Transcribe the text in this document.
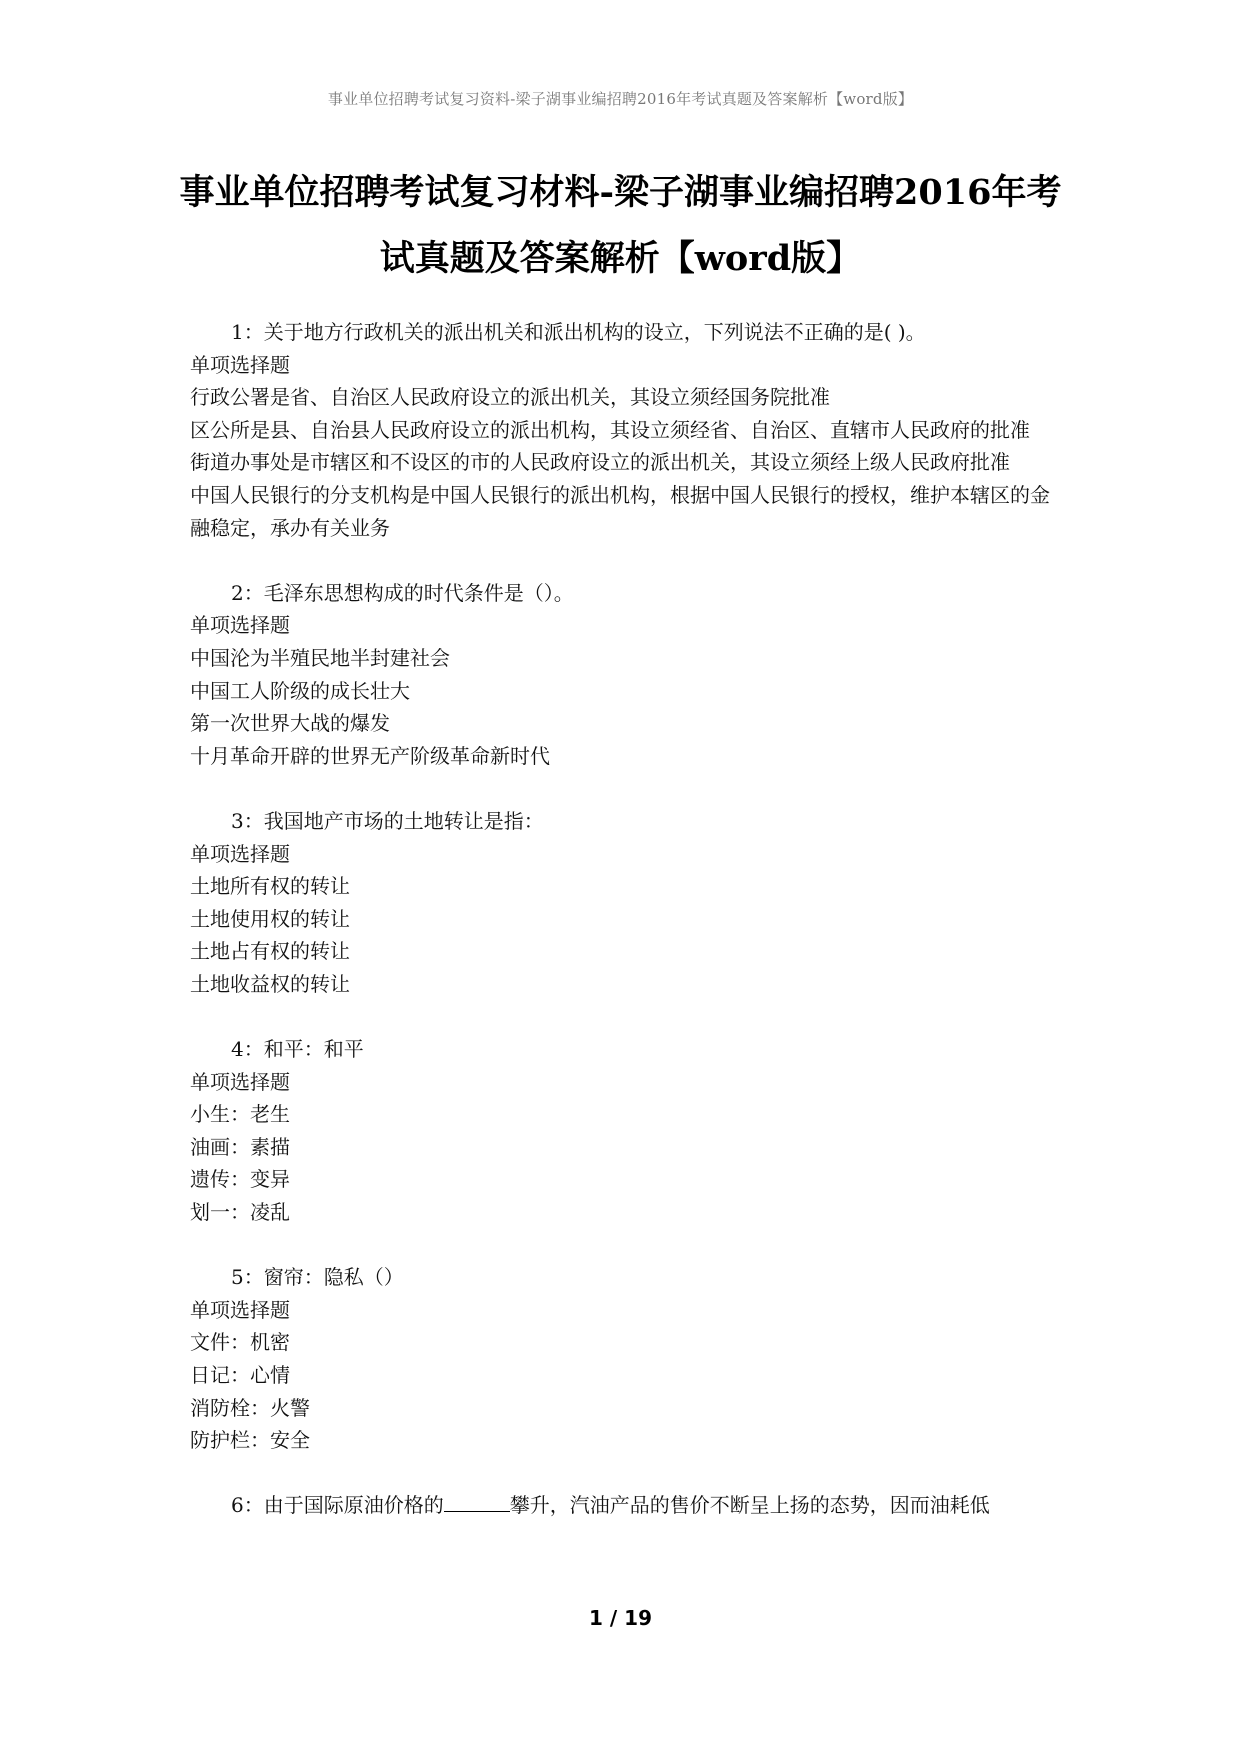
事业单位招聘考试复习资料-梁子湖事业编招聘2016年考试真题及答案解析【word版】
事业单位招聘考试复习材料-梁子湖事业编招聘2016年考
试真题及答案解析【word版】
1：关于地方行政机关的派出机关和派出机构的设立，下列说法不正确的是( )。
单项选择题
行政公署是省、自治区人民政府设立的派出机关，其设立须经国务院批准
区公所是县、自治县人民政府设立的派出机构，其设立须经省、自治区、直辖市人民政府的批准
街道办事处是市辖区和不设区的市的人民政府设立的派出机关，其设立须经上级人民政府批准
中国人民银行的分支机构是中国人民银行的派出机构，根据中国人民银行的授权，维护本辖区的金融稳定，承办有关业务
2：毛泽东思想构成的时代条件是（）。
单项选择题
中国沦为半殖民地半封建社会
中国工人阶级的成长壮大
第一次世界大战的爆发
十月革命开辟的世界无产阶级革命新时代
3：我国地产市场的土地转让是指：
单项选择题
土地所有权的转让
土地使用权的转让
土地占有权的转让
土地收益权的转让
4：和平：和平
单项选择题
小生：老生
油画：素描
遗传：变异
划一：凌乱
5：窗帘：隐私（）
单项选择题
文件：机密
日记：心情
消防栓：火警
防护栏：安全
6：由于国际原油价格的	攀升，汽油产品的售价不断呈上扬的态势，因而油耗低
1 / 19
